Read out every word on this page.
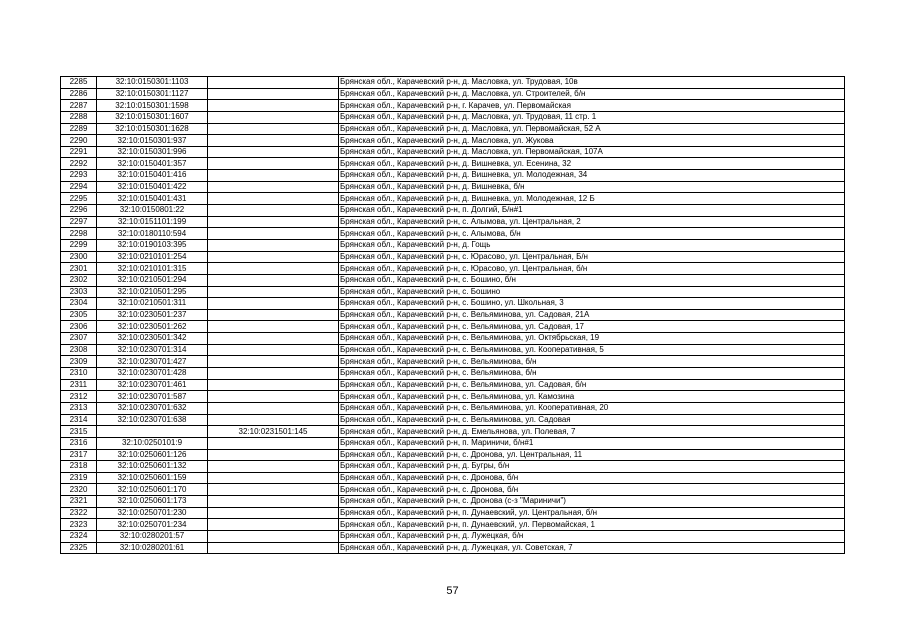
2285	32:10:0150301:1103		Брянская обл., Карачевский р-н, д. Масловка, ул. Трудовая, 10в
2286	32:10:0150301:1127		Брянская обл., Карачевский р-н, д. Масловка, ул. Строителей, б/н
2287	32:10:0150301:1598		Брянская обл., Карачевский р-н, г. Карачев, ул. Первомайская
2288	32:10:0150301:1607		Брянская обл., Карачевский р-н, д. Масловка, ул. Трудовая, 11 стр. 1
2289	32:10:0150301:1628		Брянская обл., Карачевский р-н, д. Масловка, ул. Первомайская, 52 А
2290	32:10:0150301:937		Брянская обл., Карачевский р-н, д. Масловка, ул. Жукова
2291	32:10:0150301:996		Брянская обл., Карачевский р-н, д. Масловка, ул. Первомайская, 107А
2292	32:10:0150401:357		Брянская обл., Карачевский р-н, д. Вишневка, ул. Есенина, 32
2293	32:10:0150401:416		Брянская обл., Карачевский р-н, д. Вишневка, ул. Молодежная, 34
2294	32:10:0150401:422		Брянская обл., Карачевский р-н, д. Вишневка, б/н
2295	32:10:0150401:431		Брянская обл., Карачевский р-н, д. Вишневка, ул. Молодежная, 12 Б
2296	32:10:0150801:22		Брянская обл., Карачевский р-н, п. Долгий, Б/н#1
2297	32:10:0151101:199		Брянская обл., Карачевский р-н, с. Алымова, ул. Центральная, 2
2298	32:10:0180110:594		Брянская обл., Карачевский р-н, с. Алымова, б/н
2299	32:10:0190103:395		Брянская обл., Карачевский р-н, д. Гощь
2300	32:10:0210101:254		Брянская обл., Карачевский р-н, с. Юрасово, ул. Центральная, Б/н
2301	32:10:0210101:315		Брянская обл., Карачевский р-н, с. Юрасово, ул. Центральная, б/н
2302	32:10:0210501:294		Брянская обл., Карачевский р-н, с. Бошино, б/н
2303	32:10:0210501:295		Брянская обл., Карачевский р-н, с. Бошино
2304	32:10:0210501:311		Брянская обл., Карачевский р-н, с. Бошино, ул. Школьная, 3
2305	32:10:0230501:237		Брянская обл., Карачевский р-н, с. Вельяминова, ул. Садовая, 21А
2306	32:10:0230501:262		Брянская обл., Карачевский р-н, с. Вельяминова, ул. Садовая, 17
2307	32:10:0230501:342		Брянская обл., Карачевский р-н, с. Вельяминова, ул. Октябрьская, 19
2308	32:10:0230701:314		Брянская обл., Карачевский р-н, с. Вельяминова, ул. Кооперативная, 5
2309	32:10:0230701:427		Брянская обл., Карачевский р-н, с. Вельяминова, б/н
2310	32:10:0230701:428		Брянская обл., Карачевский р-н, с. Вельяминова, б/н
2311	32:10:0230701:461		Брянская обл., Карачевский р-н, с. Вельяминова, ул. Садовая, б/н
2312	32:10:0230701:587		Брянская обл., Карачевский р-н, с. Вельяминова, ул. Камозина
2313	32:10:0230701:632		Брянская обл., Карачевский р-н, с. Вельяминова, ул. Кооперативная, 20
2314	32:10:0230701:638		Брянская обл., Карачевский р-н, с. Вельяминова, ул. Садовая
2315		32:10:0231501:145	Брянская обл., Карачевский р-н, д. Емельянова, ул. Полевая, 7
2316	32:10:0250101:9		Брянская обл., Карачевский р-н, п. Мариничи, б/н#1
2317	32:10:0250601:126		Брянская обл., Карачевский р-н, с. Дронова, ул. Центральная, 11
2318	32:10:0250601:132		Брянская обл., Карачевский р-н, д. Бугры, б/н
2319	32:10:0250601:159		Брянская обл., Карачевский р-н, с. Дронова, б/н
2320	32:10:0250601:170		Брянская обл., Карачевский р-н, с. Дронова, б/н
2321	32:10:0250601:173		Брянская обл., Карачевский р-н, с. Дронова (с-з "Мариничи")
2322	32:10:0250701:230		Брянская обл., Карачевский р-н, п. Дунаевский, ул. Центральная, б/н
2323	32:10:0250701:234		Брянская обл., Карачевский р-н, п. Дунаевский, ул. Первомайская, 1
2324	32:10:0280201:57		Брянская обл., Карачевский р-н, д. Лужецкая, б/н
2325	32:10:0280201:61		Брянская обл., Карачевский р-н, д. Лужецкая, ул. Советская, 7
57
